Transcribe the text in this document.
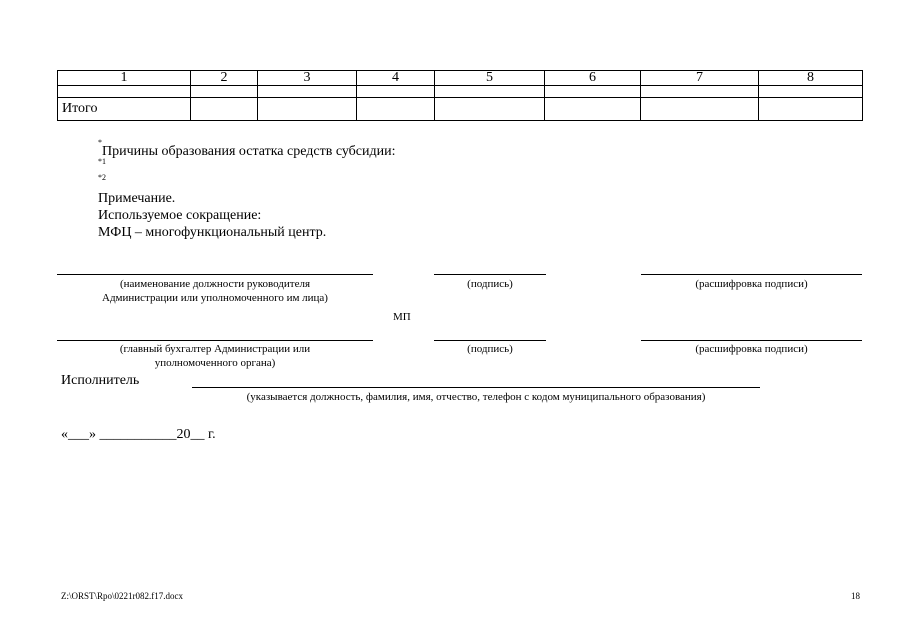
1	2	3	4	5	6	7	8

Итого							
*
Причины образования остатка средств субсидии:
*1
*2
Примечание.
Используемое сокращение:
МФЦ – многофункциональный центр.
(наименование должности руководителя
Администрации или уполномоченного им лица)
(подпись)	(расшифровка подписи)
МП
(главный бухгалтер Администрации или
уполномоченного органа)
(подпись)	(расшифровка подписи)
Исполнитель
(указывается должность, фамилия, имя, отчество, телефон с кодом муниципального образования)
«___» ___________20__ г.
Z:\ORST\Rpo\0221r082.f17.docx	18
